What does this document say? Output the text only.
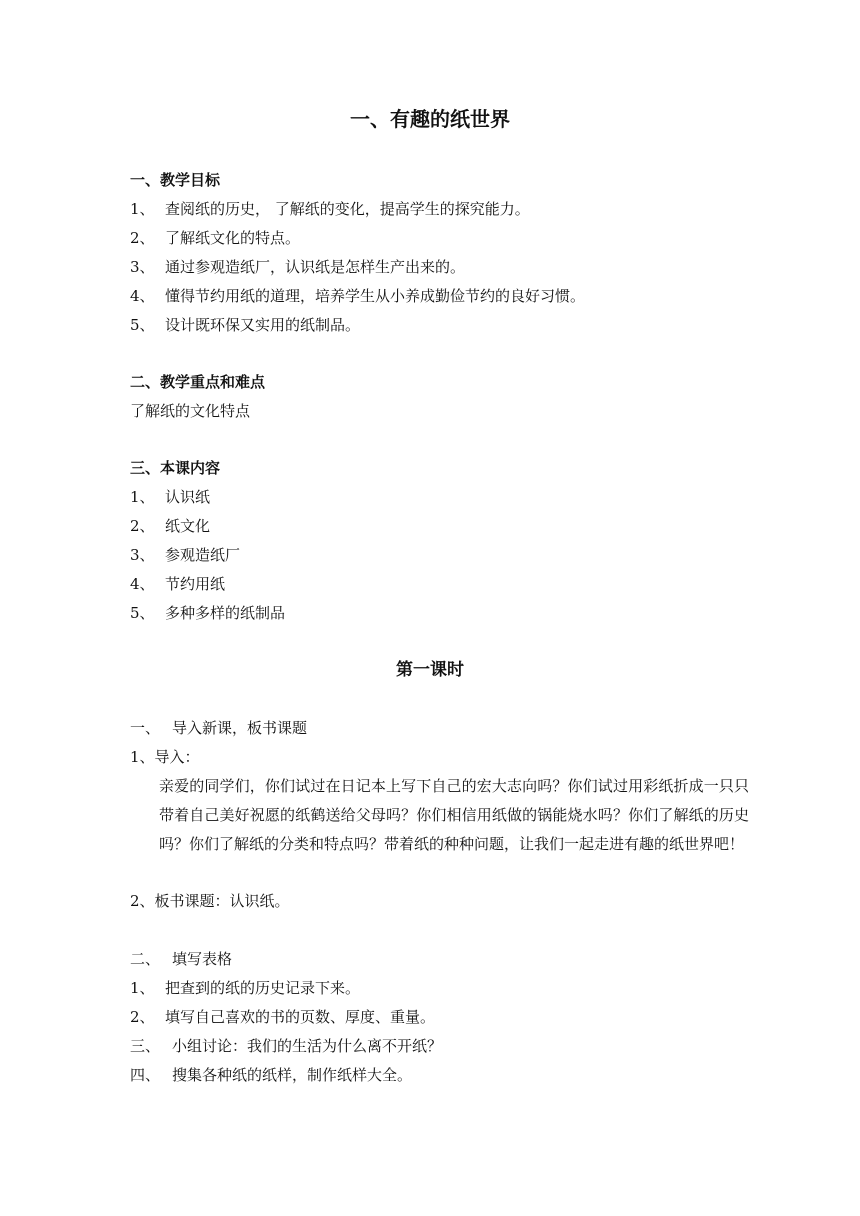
一、有趣的纸世界
一、教学目标
1、 查阅纸的历史， 了解纸的变化，提高学生的探究能力。
2、 了解纸文化的特点。
3、 通过参观造纸厂，认识纸是怎样生产出来的。
4、 懂得节约用纸的道理，培养学生从小养成勤俭节约的良好习惯。
5、 设计既环保又实用的纸制品。
二、教学重点和难点
了解纸的文化特点
三、本课内容
1、 认识纸
2、 纸文化
3、 参观造纸厂
4、 节约用纸
5、 多种多样的纸制品
第一课时
一、 导入新课，板书课题
1、导入：
亲爱的同学们，你们试过在日记本上写下自己的宏大志向吗？你们试过用彩纸折成一只只带着自己美好祝愿的纸鹤送给父母吗？你们相信用纸做的锅能烧水吗？你们了解纸的历史吗？你们了解纸的分类和特点吗？带着纸的种种问题，让我们一起走进有趣的纸世界吧！
2、板书课题：认识纸。
二、 填写表格
1、 把查到的纸的历史记录下来。
2、 填写自己喜欢的书的页数、厚度、重量。
三、 小组讨论：我们的生活为什么离不开纸？
四、 搜集各种纸的纸样，制作纸样大全。
